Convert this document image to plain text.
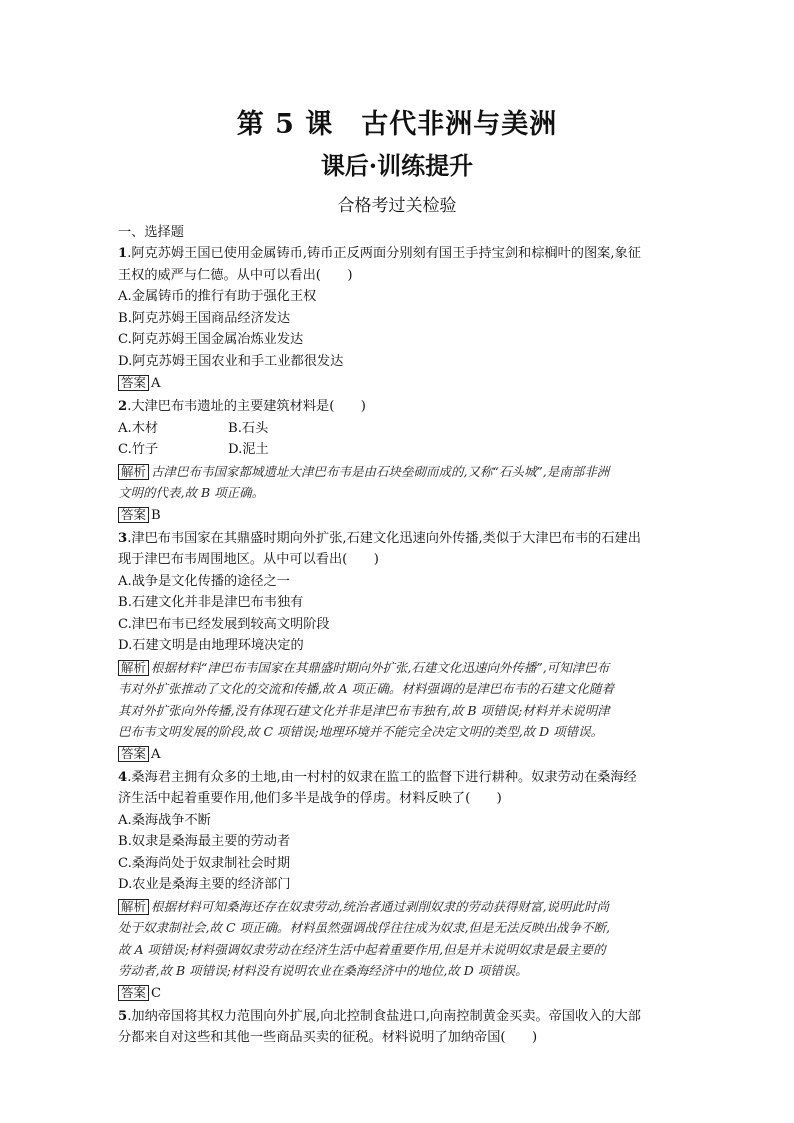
第 5 课　古代非洲与美洲
课后·训练提升
合格考过关检验
一、选择题
1.阿克苏姆王国已使用金属铸币,铸币正反两面分别刻有国王手持宝剑和棕榈叶的图案,象征
王权的威严与仁德。从中可以看出(　　)
A.金属铸币的推行有助于强化王权
B.阿克苏姆王国商品经济发达
C.阿克苏姆王国金属冶炼业发达
D.阿克苏姆王国农业和手工业都很发达
答案 A
2.大津巴布韦遗址的主要建筑材料是(　　)
A.木材	B.石头
C.竹子	D.泥土
解析 古津巴布韦国家都城遗址大津巴布韦是由石块垒砌而成的,又称“石头城”,是南部非洲
文明的代表,故 B 项正确。
答案 B
3.津巴布韦国家在其鼎盛时期向外扩张,石建文化迅速向外传播,类似于大津巴布韦的石建出
现于津巴布韦周围地区。从中可以看出(　　)
A.战争是文化传播的途径之一
B.石建文化并非是津巴布韦独有
C.津巴布韦已经发展到较高文明阶段
D.石建文明是由地理环境决定的
解析 根据材料“津巴布韦国家在其鼎盛时期向外扩张,石建文化迅速向外传播”,可知津巴布
韦对外扩张推动了文化的交流和传播,故 A 项正确。材料强调的是津巴布韦的石建文化随着
其对外扩张向外传播,没有体现石建文化并非是津巴布韦独有,故 B 项错误;材料并未说明津
巴布韦文明发展的阶段,故 C 项错误;地理环境并不能完全决定文明的类型,故 D 项错误。
答案 A
4.桑海君主拥有众多的土地,由一村村的奴隶在监工的监督下进行耕种。奴隶劳动在桑海经
济生活中起着重要作用,他们多半是战争的俘虏。材料反映了(　　)
A.桑海战争不断
B.奴隶是桑海最主要的劳动者
C.桑海尚处于奴隶制社会时期
D.农业是桑海主要的经济部门
解析 根据材料可知桑海还存在奴隶劳动,统治者通过剥削奴隶的劳动获得财富,说明此时尚
处于奴隶制社会,故 C 项正确。材料虽然强调战俘往往成为奴隶,但是无法反映出战争不断,
故 A 项错误;材料强调奴隶劳动在经济生活中起着重要作用,但是并未说明奴隶是最主要的
劳动者,故 B 项错误;材料没有说明农业在桑海经济中的地位,故 D 项错误。
答案 C
5.加纳帝国将其权力范围向外扩展,向北控制食盐进口,向南控制黄金买卖。帝国收入的大部
分都来自对这些和其他一些商品买卖的征税。材料说明了加纳帝国(　　)
